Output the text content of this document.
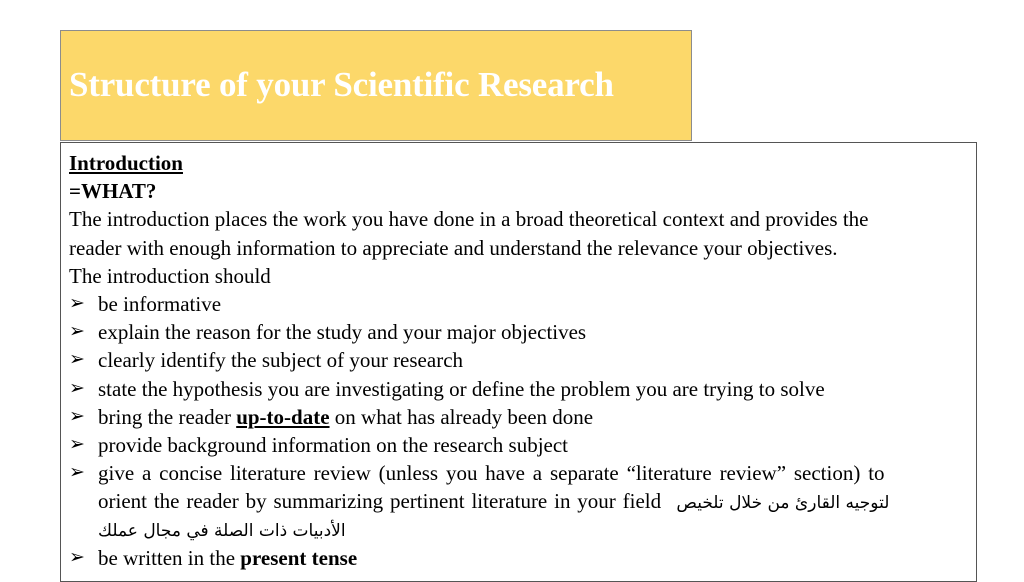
Structure of your Scientific Research
Introduction
=WHAT?
The introduction places the work you have done in a broad theoretical context and provides the
reader with enough information to appreciate and understand the relevance your objectives.
The introduction should
➢ be informative
➢ explain the reason for the study and your major objectives
➢ clearly identify the subject of your research
➢ state the hypothesis you are investigating or define the problem you are trying to solve
➢ bring the reader up-to-date on what has already been done
➢ provide background information on the research subject
➢ give a concise literature review (unless you have a separate “literature review” section) to
orient the reader by summarizing pertinent literature in your field لتوجيه القارئ من خلال تلخيص
الأدبيات ذات الصلة في مجال عملك
➢ be written in the present tense
